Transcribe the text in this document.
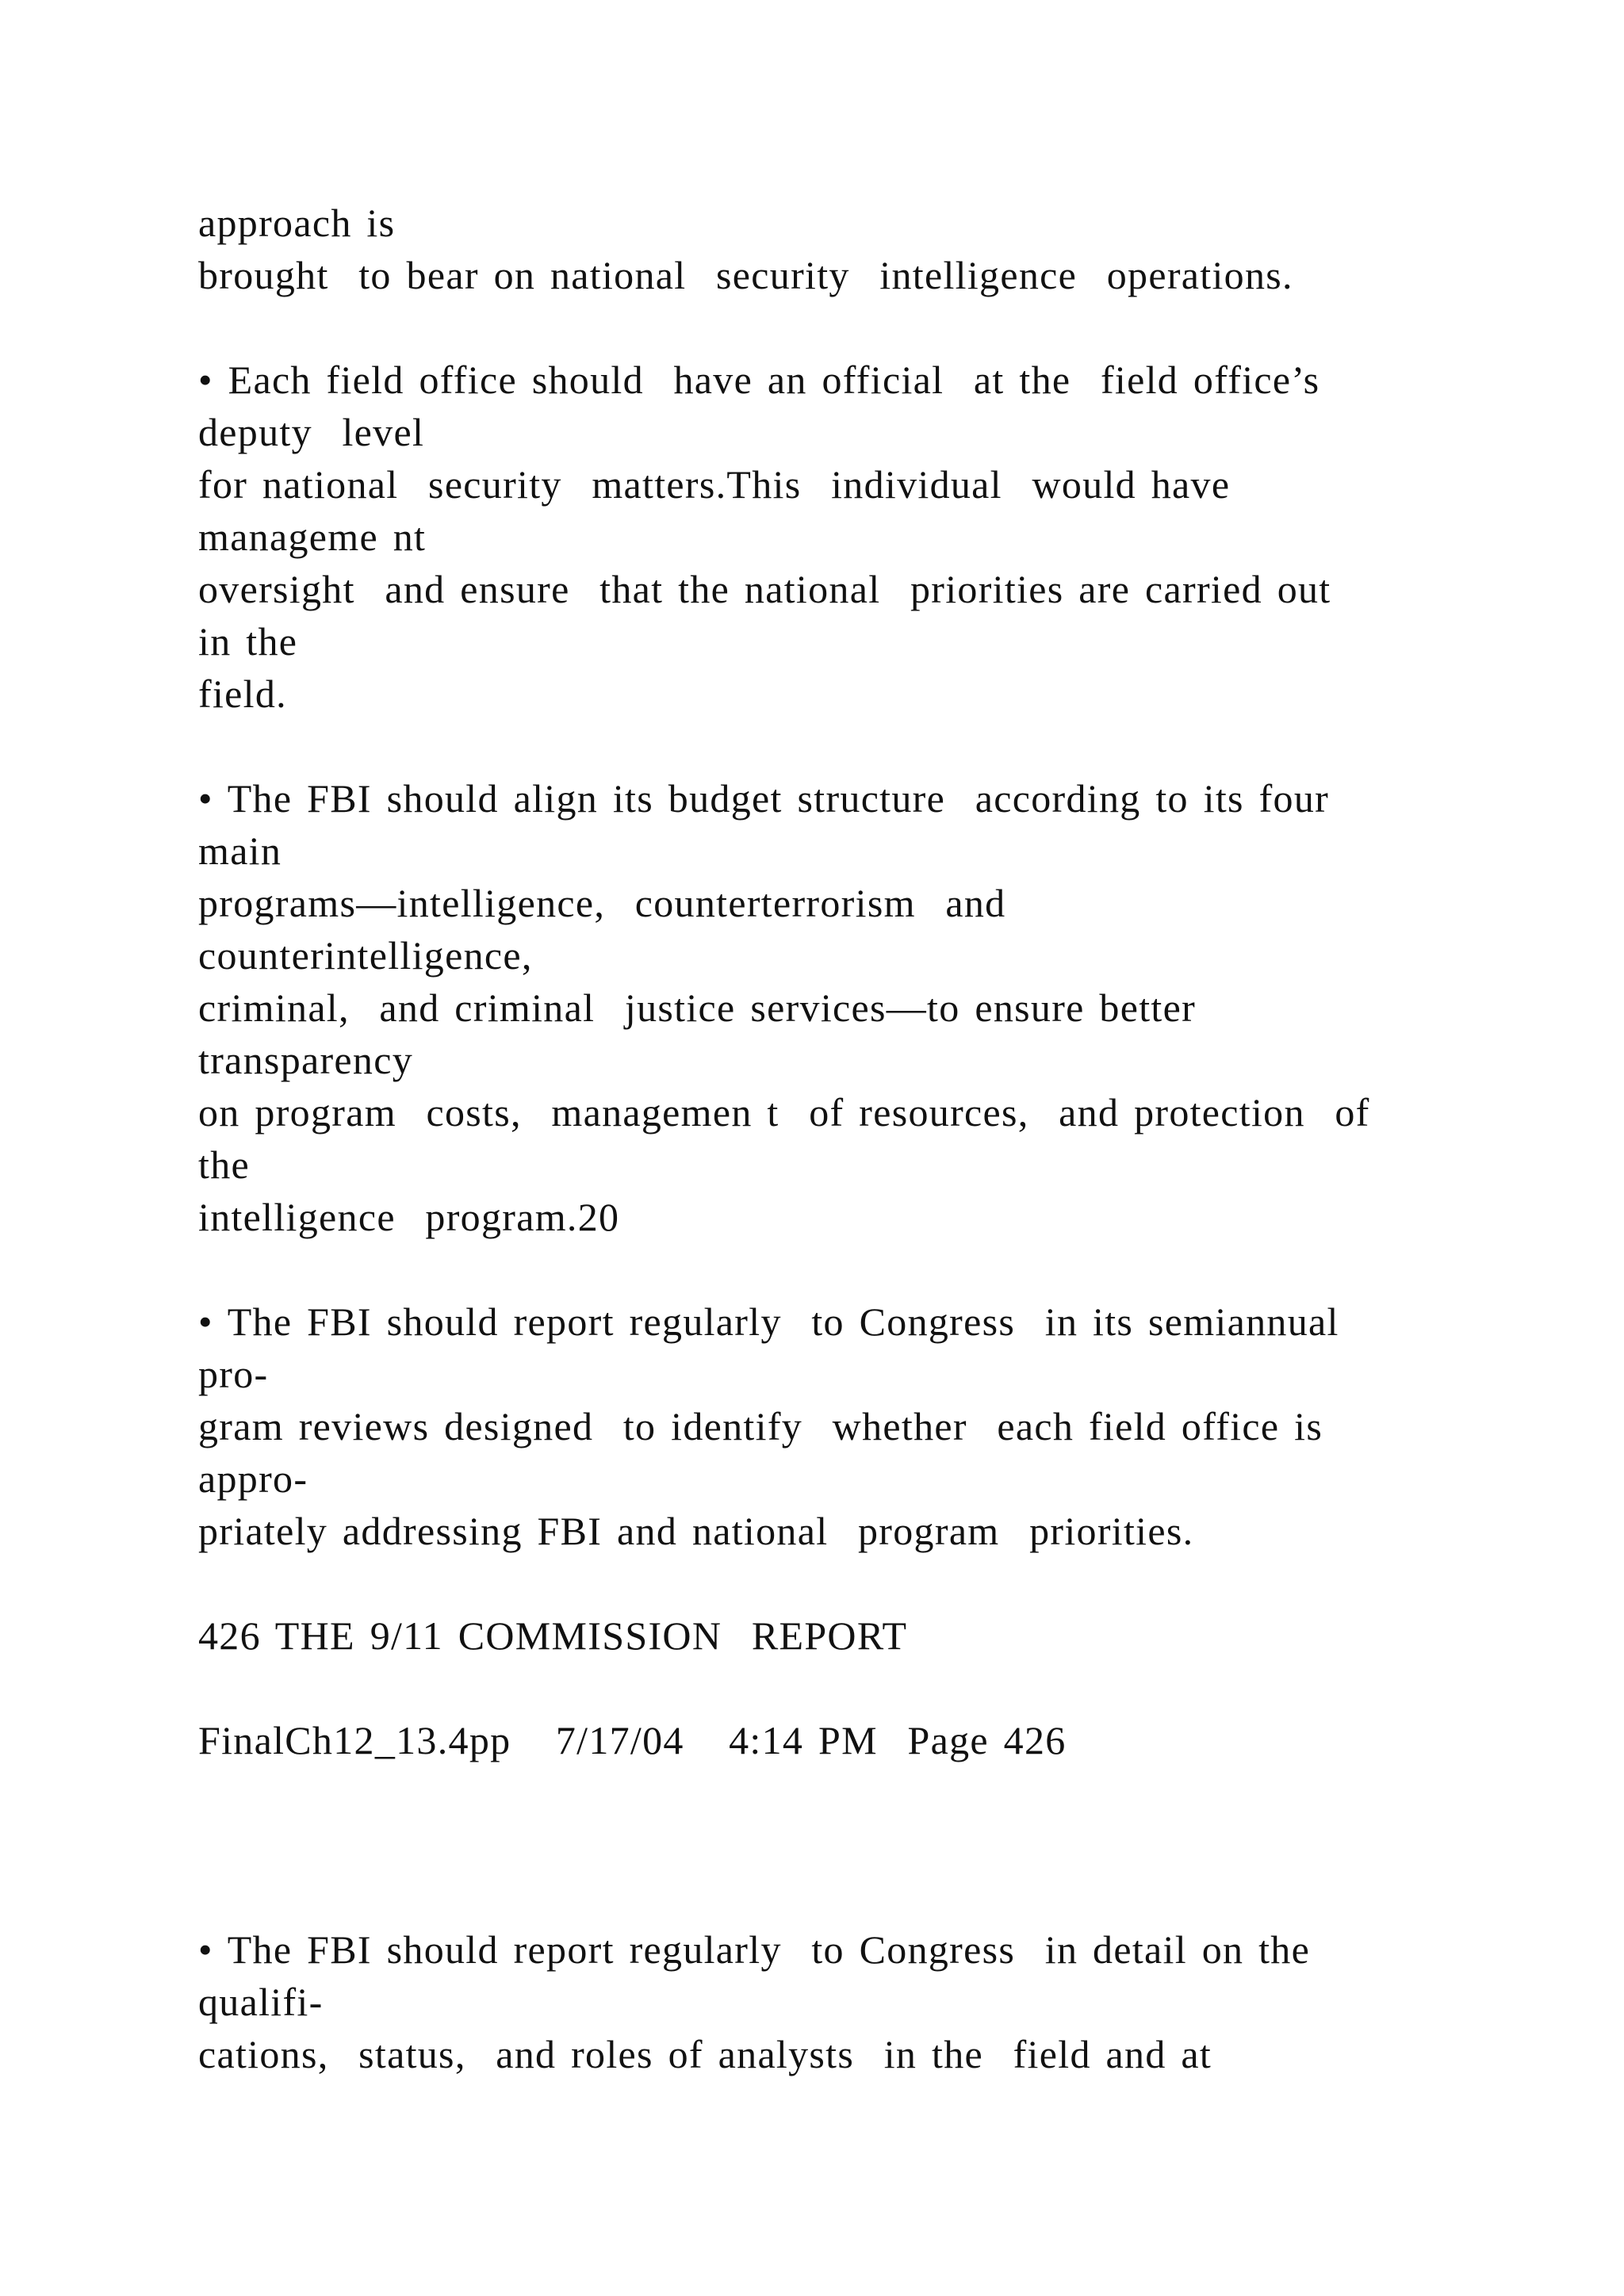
approach is

brought  to bear on national  security  intelligence  operations.

• Each field office should  have an official  at the  field office’s

deputy  level

for national  security  matters.This  individual  would have

manageme nt

oversight  and ensure  that the national  priorities are carried out

in the

field.

• The FBI should align its budget structure  according to its four

main

programs—intelligence,  counterterrorism  and

counterintelligence,

criminal,  and criminal  justice services—to ensure better

transparency

on program  costs,  managemen t  of resources,  and protection  of

the

intelligence  program.20

• The FBI should report regularly  to Congress  in its semiannual

pro-

gram reviews designed  to identify  whether  each field office is

appro-

priately addressing FBI and national  program  priorities.

426 THE 9/11 COMMISSION  REPORT

FinalCh12_13.4pp   7/17/04   4:14 PM  Page 426

• The FBI should report regularly  to Congress  in detail on the

qualifi-

cations,  status,  and roles of analysts  in the  field and at
